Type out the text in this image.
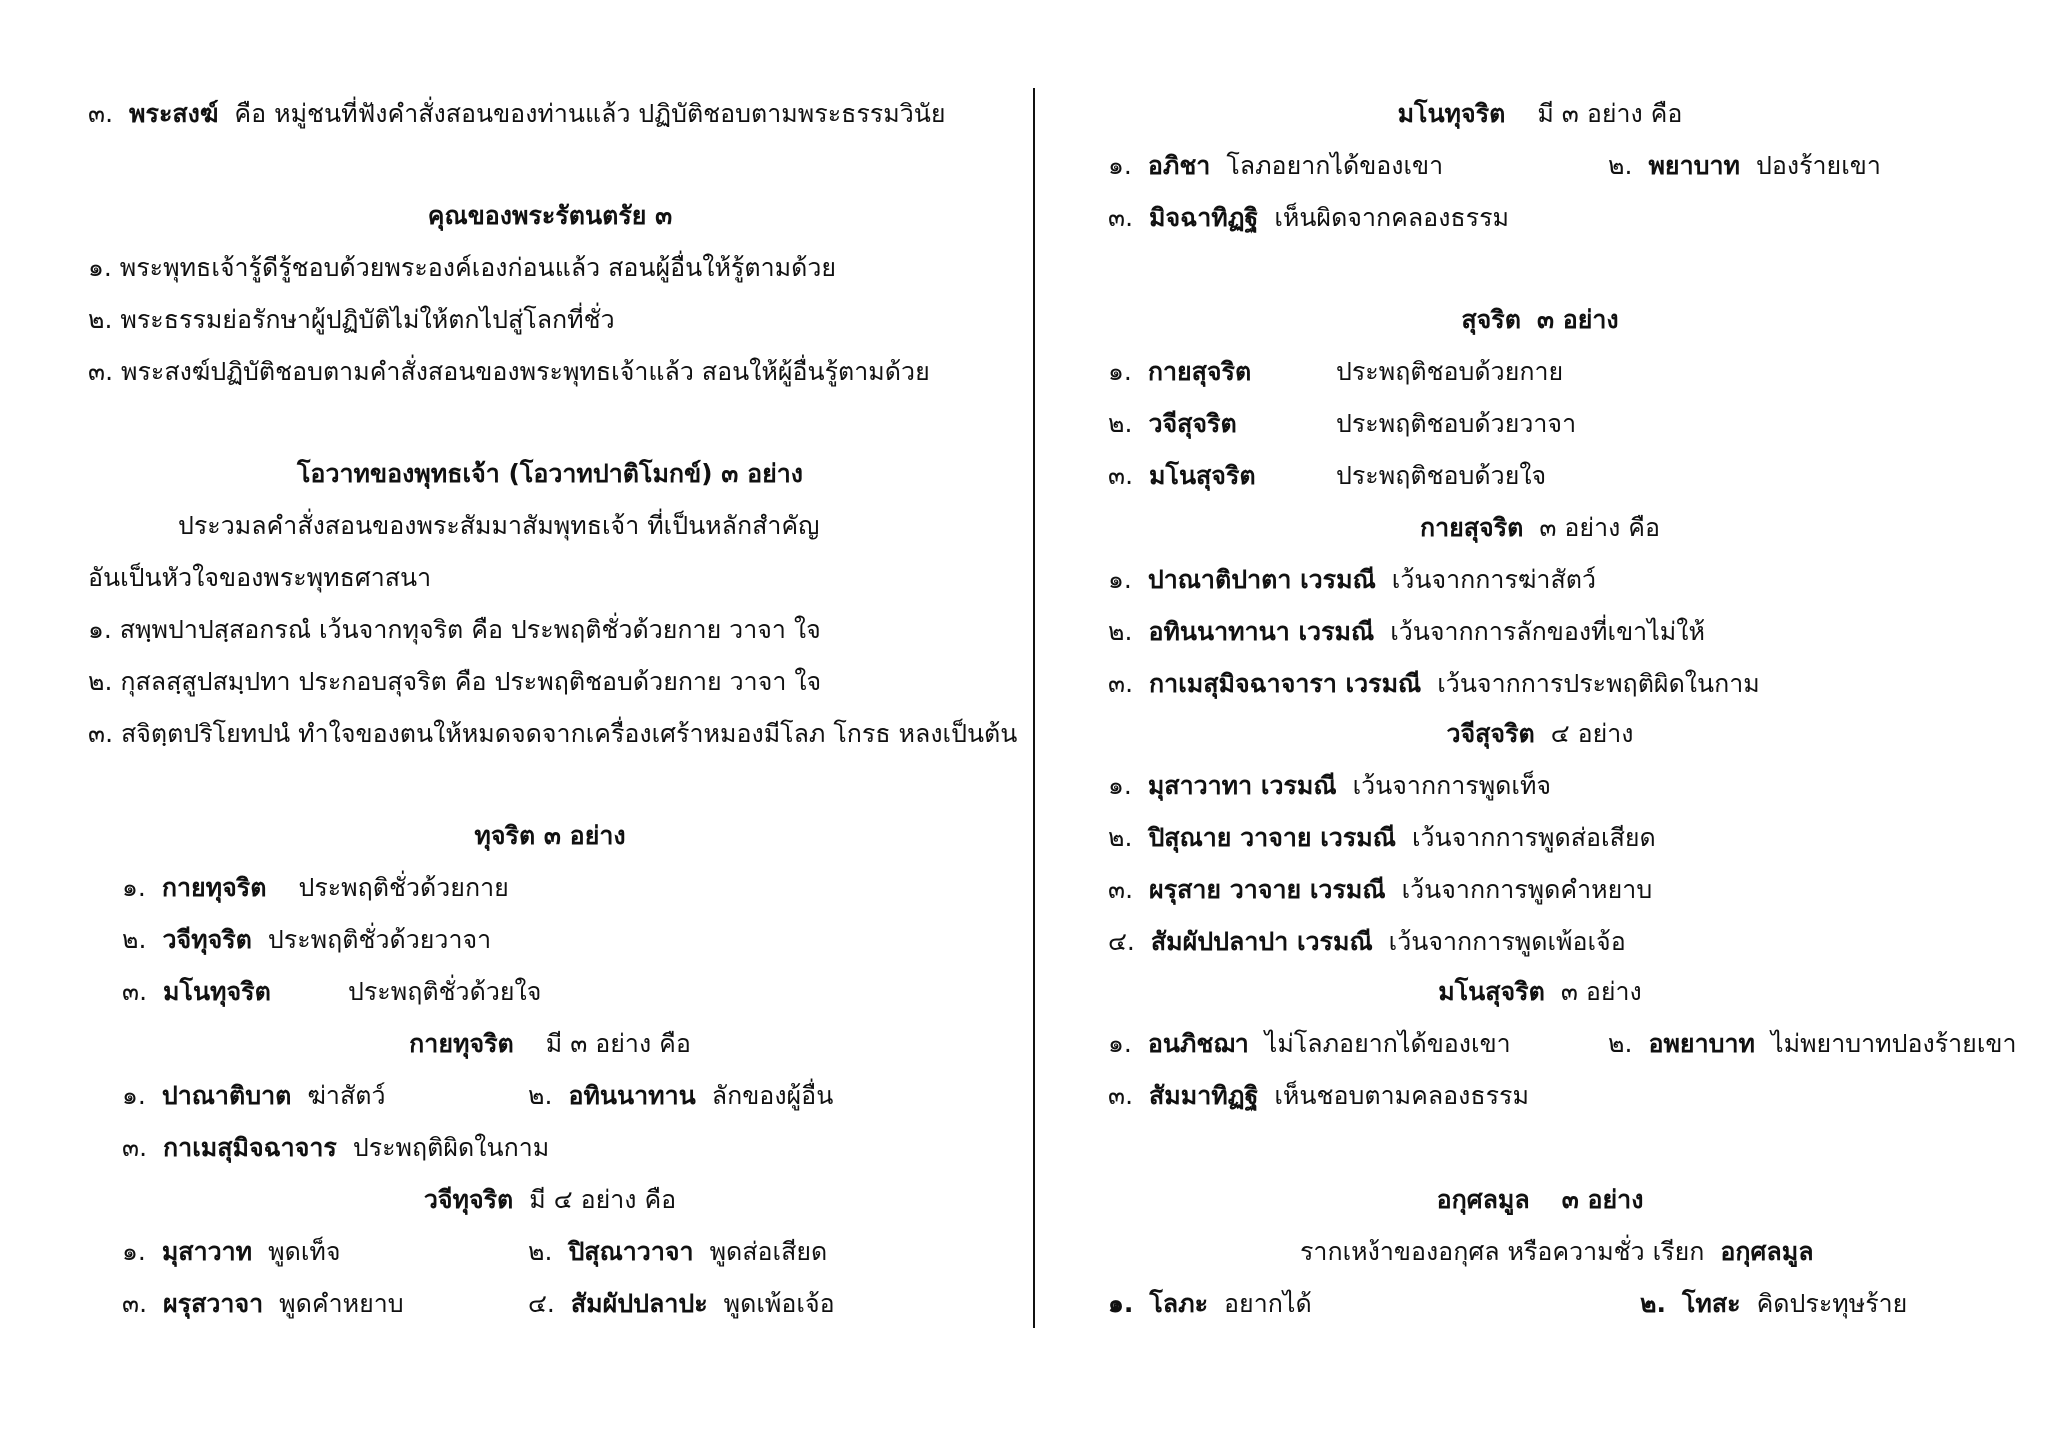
๓. พระสงฆ์ คือ หมู่ชนที่ฟังคำสั่งสอนของท่านแล้ว ปฏิบัติชอบตามพระธรรมวินัย
คุณของพระรัตนตรัย ๓
๑. พระพุทธเจ้ารู้ดีรู้ชอบด้วยพระองค์เองก่อนแล้ว สอนผู้อื่นให้รู้ตามด้วย
๒. พระธรรมย่อรักษาผู้ปฏิบัติไม่ให้ตกไปสู่โลกที่ชั่ว
๓. พระสงฆ์ปฏิบัติชอบตามคำสั่งสอนของพระพุทธเจ้าแล้ว สอนให้ผู้อื่นรู้ตามด้วย
โอวาทของพุทธเจ้า (โอวาทปาติโมกข์) ๓ อย่าง
ประวมลคำสั่งสอนของพระสัมมาสัมพุทธเจ้า ที่เป็นหลักสำคัญ
อันเป็นหัวใจของพระพุทธศาสนา
๑. สพฺพปาปสฺสอกรณํ เว้นจากทุจริต คือ ประพฤติชั่วด้วยกาย วาจา ใจ
๒. กุสลสฺสูปสมฺปทา ประกอบสุจริต คือ ประพฤติชอบด้วยกาย วาจา ใจ
๓. สจิตฺตปริโยทปนํ ทำใจของตนให้หมดจดจากเครื่องเศร้าหมองมีโลภ โกรธ หลงเป็นต้น
ทุจริต ๓ อย่าง
๑. กายทุจริต ประพฤติชั่วด้วยกาย
๒. วจีทุจริต ประพฤติชั่วด้วยวาจา
๓. มโนทุจริต	ประพฤติชั่วด้วยใจ
กายทุจริต มี ๓ อย่าง คือ
๑. ปาณาติบาต ฆ่าสัตว์	๒. อทินนาทาน ลักของผู้อื่น
๓. กาเมสุมิจฉาจาร ประพฤติผิดในกาม
วจีทุจริต มี ๔ อย่าง คือ
๑. มุสาวาท พูดเท็จ	๒. ปิสุณาวาจา พูดส่อเสียด
๓. ผรุสวาจา พูดคำหยาบ	๔. สัมผัปปลาปะ พูดเพ้อเจ้อ
มโนทุจริต มี ๓ อย่าง คือ
๑. อภิชา โลภอยากได้ของเขา	๒. พยาบาท ปองร้ายเขา
๓. มิจฉาทิฏฐิ เห็นผิดจากคลองธรรม
สุจริต ๓ อย่าง
๑. กายสุจริต	ประพฤติชอบด้วยกาย
๒. วจีสุจริต	ประพฤติชอบด้วยวาจา
๓. มโนสุจริต	ประพฤติชอบด้วยใจ
กายสุจริต ๓ อย่าง คือ
๑. ปาณาติปาตา เวรมณี เว้นจากการฆ่าสัตว์
๒. อทินนาทานา เวรมณี เว้นจากการลักของที่เขาไม่ให้
๓. กาเมสุมิจฉาจารา เวรมณี เว้นจากการประพฤติผิดในกาม
วจีสุจริต ๔ อย่าง
๑. มุสาวาทา เวรมณี เว้นจากการพูดเท็จ
๒. ปิสุณาย วาจาย เวรมณี เว้นจากการพูดส่อเสียด
๓. ผรุสาย วาจาย เวรมณี เว้นจากการพูดคำหยาบ
๔. สัมผัปปลาปา เวรมณี เว้นจากการพูดเพ้อเจ้อ
มโนสุจริต ๓ อย่าง
๑. อนภิชฌา ไม่โลภอยากได้ของเขา	๒. อพยาบาท ไม่พยาบาทปองร้ายเขา
๓. สัมมาทิฏฐิ เห็นชอบตามคลองธรรม
อกุศลมูล ๓ อย่าง
รากเหง้าของอกุศล หรือความชั่ว เรียก อกุศลมูล
๑. โลภะ อยากได้	๒. โทสะ คิดประทุษร้าย
